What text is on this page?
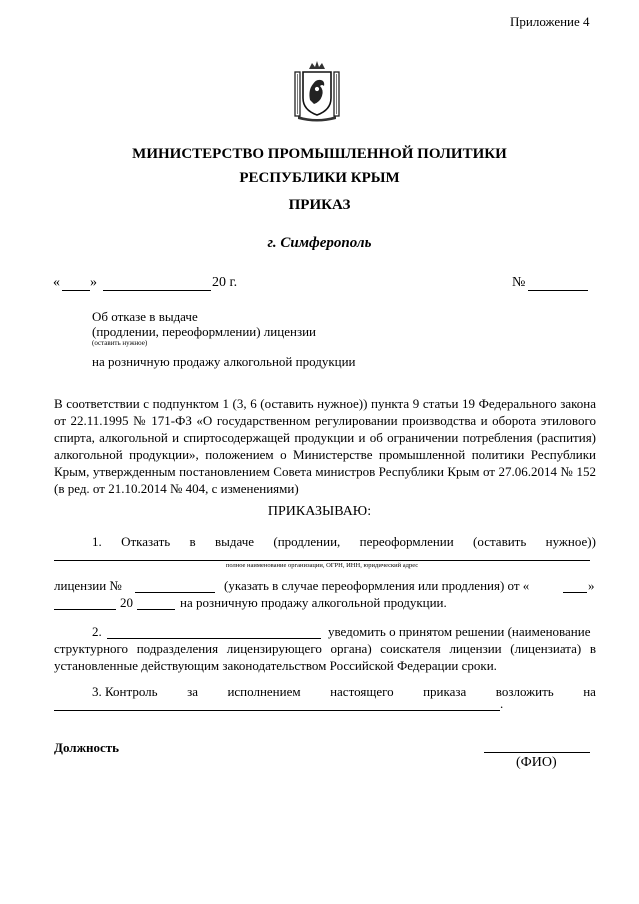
Приложение 4
МИНИСТЕРСТВО ПРОМЫШЛЕННОЙ ПОЛИТИКИ
РЕСПУБЛИКИ КРЫМ
ПРИКАЗ
г. Симферополь
« »	20 г.	№
Об отказе в выдаче
(продлении, переоформлении) лицензии
(оставить нужное)
на розничную продажу алкогольной продукции
В соответствии с подпунктом 1 (3, 6 (оставить нужное)) пункта 9 статьи 19 Федерального закона
от 22.11.1995 № 171-ФЗ «О государственном регулировании производства и оборота этилового
спирта, алкогольной и спиртосодержащей продукции и об ограничении потребления (распития)
алкогольной продукции», положением о Министерстве промышленной политики Республики
Крым, утвержденным постановлением Совета министров Республики Крым от 27.06.2014 № 152
(в ред. от 21.10.2014 № 404, с изменениями)
ПРИКАЗЫВАЮ:
1. Отказать в выдаче (продлении, переоформлении (оставить нужное))
полное наименование организации, ОГРН, ИНН, юридический адрес
лицензии №	(указать в случае переоформления или продления) от «	»
20	на розничную продажу алкогольной продукции.
2.	уведомить о принятом решении (наименование
структурного подразделения лицензирующего органа) соискателя лицензии (лицензиата) в
установленные действующим законодательством Российской Федерации сроки.
3. Контроль за исполнением настоящего приказа возложить на
.
Должность
(ФИО)
